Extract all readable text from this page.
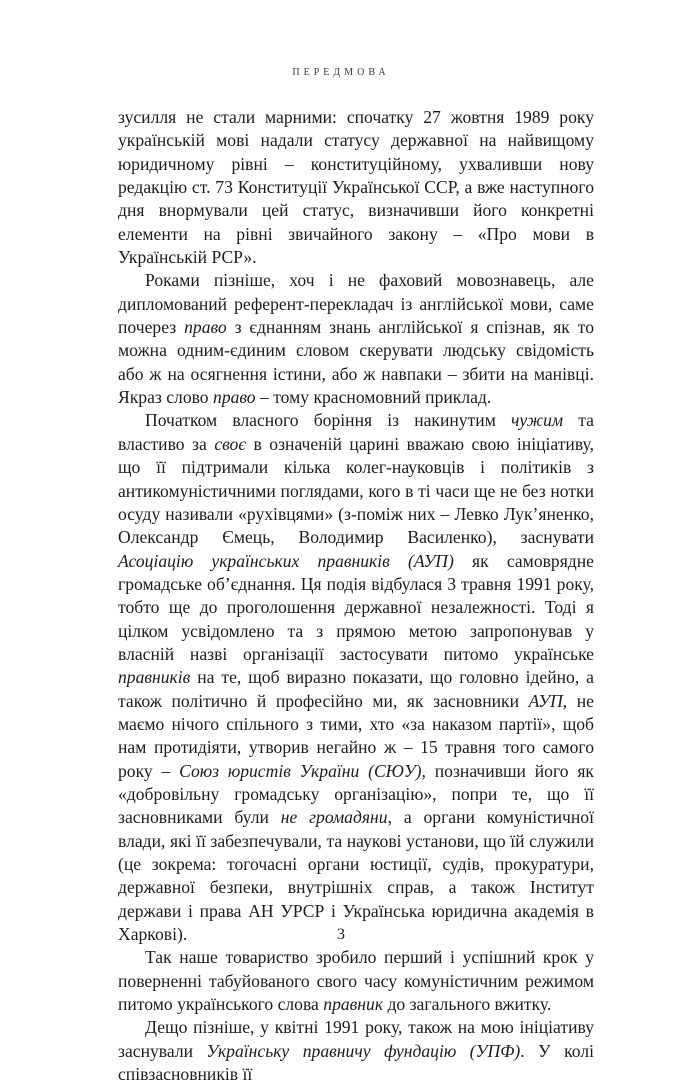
ПЕРЕДМОВА

зусилля не стали марними: спочатку 27 жовтня 1989 року українській мові надали статусу державної на найвищому юридичному рівні – конституційному, ухваливши нову редакцію ст. 73 Конституції Української ССР, а вже наступного дня внормували цей статус, визначивши його конкретні елементи на рівні звичайного закону – «Про мови в Українській РСР».

Роками пізніше, хоч і не фаховий мовознавець, але дипломований референт-перекладач із англійської мови, саме почерез право з єднанням знань англійської я спізнав, як то можна одним-єдиним словом скерувати людську свідомість або ж на осягнення істини, або ж навпаки – збити на манівці. Якраз слово право – тому красномовний приклад.

Початком власного боріння із накинутим чужим та властиво за своє в означеній царині вважаю свою ініціативу, що її підтримали кілька колег-науковців і політиків з антикомуністичними поглядами, кого в ті часи ще не без нотки осуду називали «рухівцями» (з-поміж них – Левко Лук’яненко, Олександр Ємець, Володимир Василенко), заснувати Асоціацію українських правників (АУП) як самоврядне громадське об’єднання. Ця подія відбулася 3 травня 1991 року, тобто ще до проголошення державної незалежності. Тоді я цілком усвідомлено та з прямою метою запропонував у власній назві організації застосувати питомо українське правників на те, щоб виразно показати, що головно ідейно, а також політично й професійно ми, як засновники АУП, не маємо нічого спільного з тими, хто «за наказом партії», щоб нам протидіяти, утворив негайно ж – 15 травня того самого року – Союз юристів України (СЮУ), позначивши його як «добровільну громадську організацію», попри те, що її засновниками були не громадяни, а органи комуністичної влади, які її забезпечували, та наукові установи, що їй служили (це зокрема: тогочасні органи юстиції, судів, прокуратури, державної безпеки, внутрішніх справ, а також Інститут держави і права АН УРСР і Українська юридична академія в Харкові).

Так наше товариство зробило перший і успішний крок у поверненні табуйованого свого часу комуністичним режимом питомо українського слова правник до загального вжитку.

Дещо пізніше, у квітні 1991 року, також на мою ініціативу заснували Українську правничу фундацію (УПФ). У колі співзасновників її

3
